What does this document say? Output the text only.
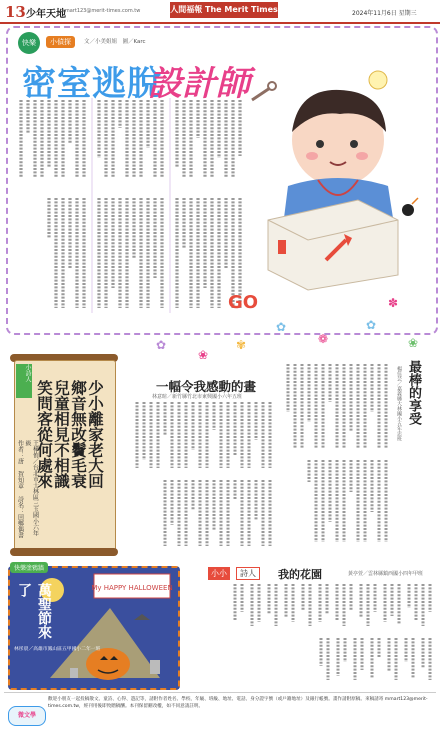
13 少年天地
mmart123@merit-times.com.tw	人間福報 The Merit Times	2024年11月6日 星期三
快樂	小偵探	文／小美姐姐　圖／Karc
密室逃脫
設計師
GO
✿
❀
✾
✿
❁
✿
❀
✽
小詩人
少小離家老大回
鄉音無改鬢毛衰
兒童相見不相識
笑問客從何處來
王樺侑／台北市士林區三玉國小六年級
作者：唐 賀知章 詩名：回鄉偶書
一幅令我感動的畫
林意暄／新竹縣竹北市東興國小六年五班	最棒的享受
楊佳芸／嘉義縣大林國小五年忠班
My HAPPY HALLOWEEN
快樂塗鴉牆
萬聖節來了
林彤晨／高雄市鳳山區五甲國小二年一班
小小	詩人	我的花園	黃亭萱／雲林縣鎮西國小四年甲班
微文學
歡迎小朋友一起投稿散文、童詩、心得、遊記等，請附作者姓名、學校、年級、班級、地址、電話、身分證字號（或戶籍地址）及銀行帳號。畫作請附原稿。來稿請寄 mmart123@merit-times.com.tw，經刊用後即致贈稿酬。本刊保留刪改權，如不同意請註明。
